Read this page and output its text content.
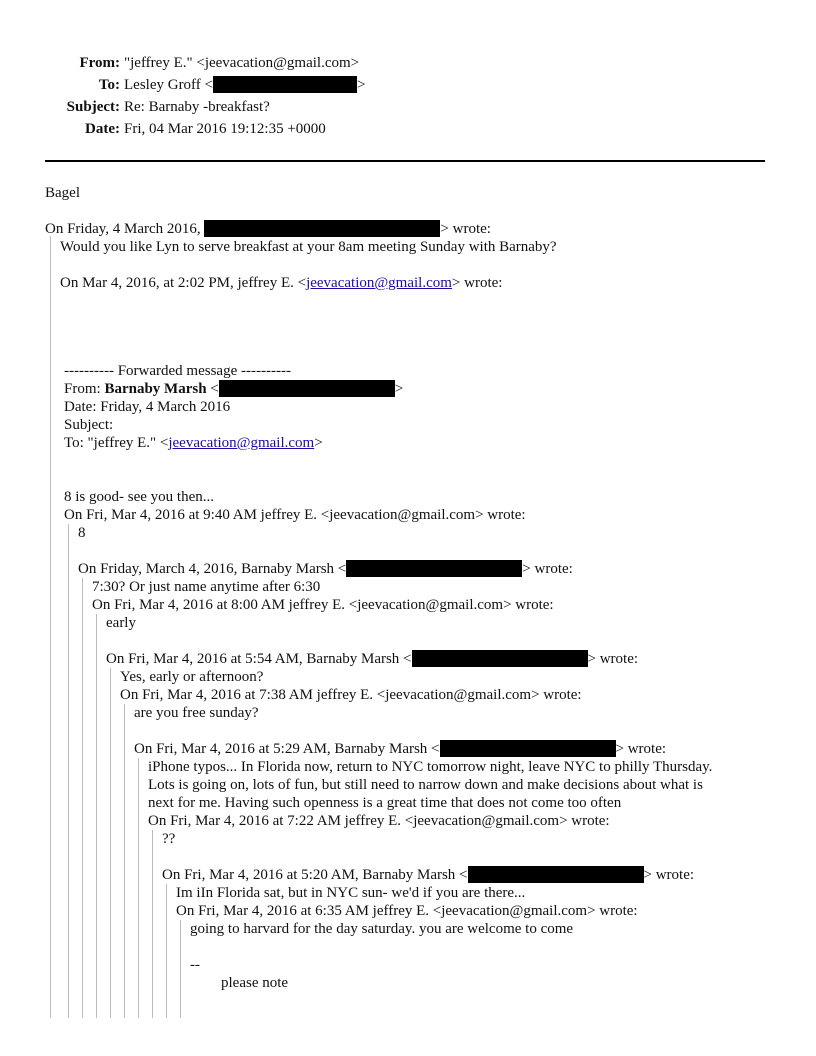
From: "jeffrey E." <jeevacation@gmail.com>
To: Lesley Groff <	>
Subject: Re: Barnaby -breakfast?
Date: Fri, 04 Mar 2016 19:12:35 +0000
Bagel
On Friday, 4 March 2016,	> wrote:
Would you like Lyn to serve breakfast at your 8am meeting Sunday with Barnaby?
On Mar 4, 2016, at 2:02 PM, jeffrey E. <jeevacation@gmail.com> wrote:
---------- Forwarded message ----------
From: Barnaby Marsh <	>
Date: Friday, 4 March 2016
Subject:
To: "jeffrey E." <jeevacation@gmail.com>
8 is good- see you then...
On Fri, Mar 4, 2016 at 9:40 AM jeffrey E. <jeevacation@gmail.com> wrote:
8
On Friday, March 4, 2016, Barnaby Marsh <	> wrote:
7:30? Or just name anytime after 6:30
On Fri, Mar 4, 2016 at 8:00 AM jeffrey E. <jeevacation@gmail.com> wrote:
early
On Fri, Mar 4, 2016 at 5:54 AM, Barnaby Marsh <	> wrote:
Yes, early or afternoon?
On Fri, Mar 4, 2016 at 7:38 AM jeffrey E. <jeevacation@gmail.com> wrote:
are you free sunday?
On Fri, Mar 4, 2016 at 5:29 AM, Barnaby Marsh <	> wrote:
iPhone typos... In Florida now, return to NYC tomorrow night, leave NYC to philly Thursday.
Lots is going on, lots of fun, but still need to narrow down and make decisions about what is
next for me. Having such openness is a great time that does not come too often
On Fri, Mar 4, 2016 at 7:22 AM jeffrey E. <jeevacation@gmail.com> wrote:
??
On Fri, Mar 4, 2016 at 5:20 AM, Barnaby Marsh <	> wrote:
Im iIn Florida sat, but in NYC sun- we'd if you are there...
On Fri, Mar 4, 2016 at 6:35 AM jeffrey E. <jeevacation@gmail.com> wrote:
going to harvard for the day saturday. you are welcome to come
--
please note
